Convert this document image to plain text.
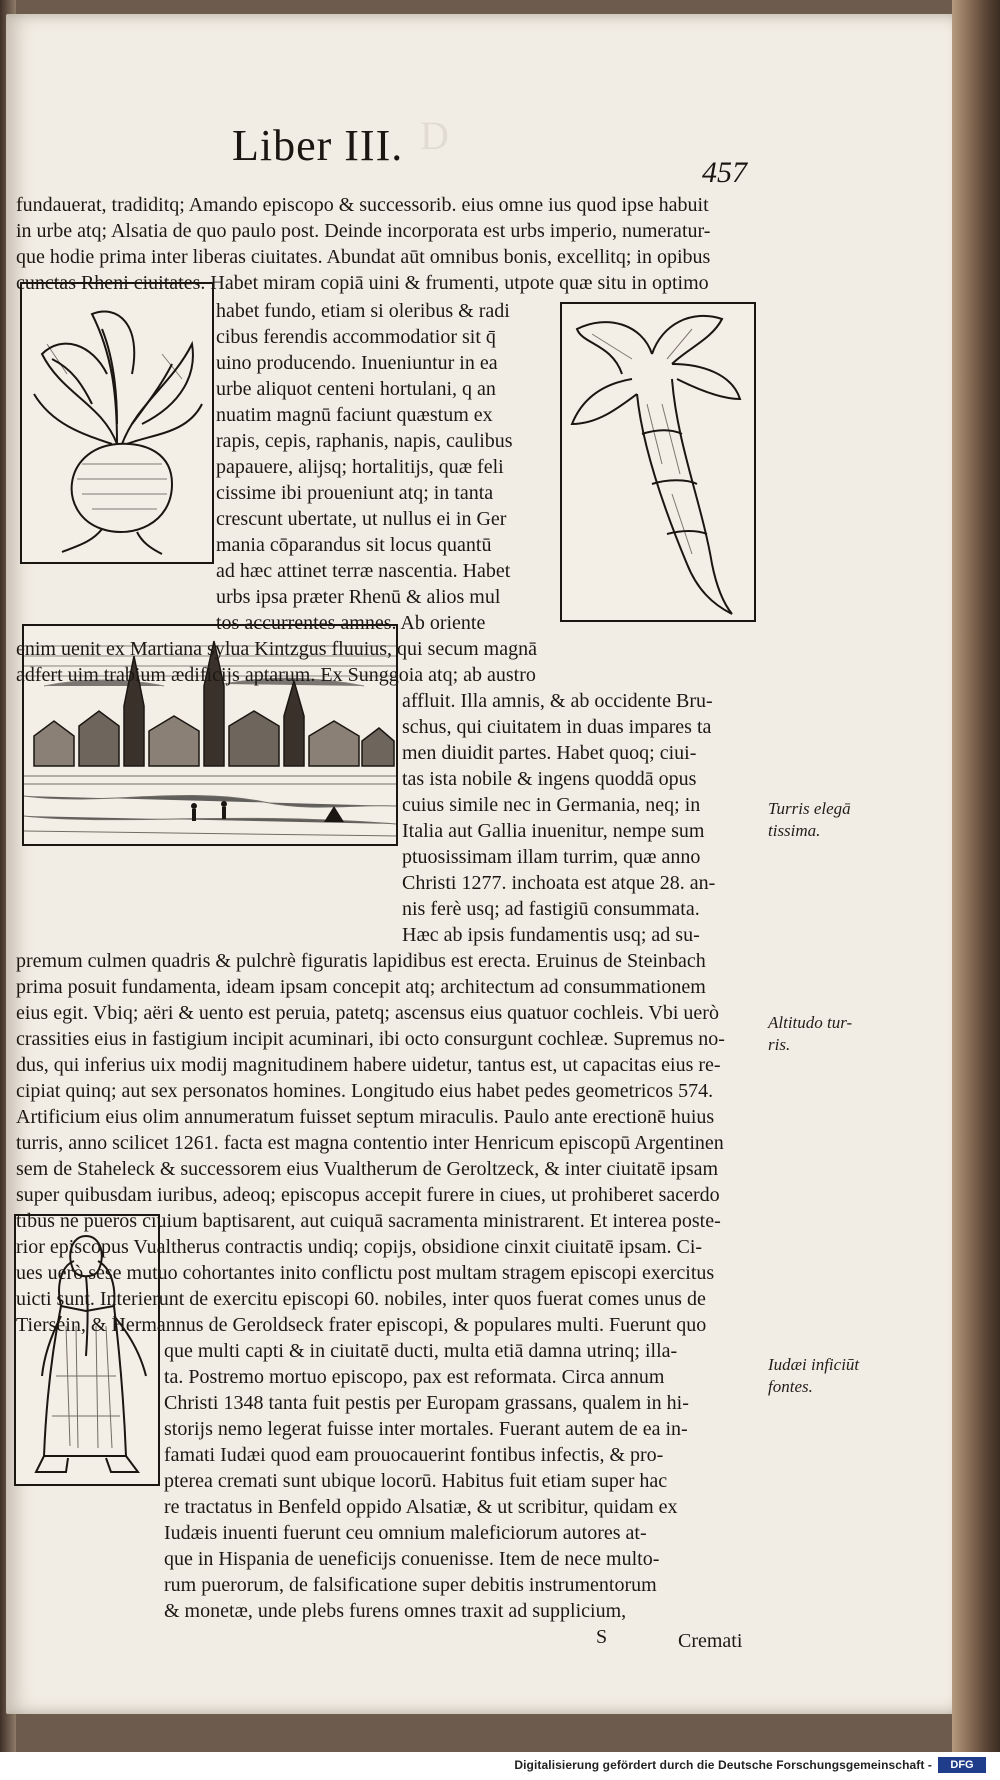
D
Liber III.
457
fundauerat, tradiditq; Amando episcopo & successorib. eius omne ius quod ipse habuit
in urbe atq; Alsatia de quo paulo post. Deinde incorporata est urbs imperio, numeratur-
que hodie prima inter liberas ciuitates. Abundat aūt omnibus bonis, excellitq; in opibus
cunctas Rheni ciuitates. Habet miram copiā uini & frumenti, utpote quæ situ in optimo
habet fundo, etiam si oleribus & radi
cibus ferendis accommodatior sit q̄
uino producendo. Inueniuntur in ea
urbe aliquot centeni hortulani, q an
nuatim magnū faciunt quæstum ex
rapis, cepis, raphanis, napis, caulibus
papauere, alijsq; hortalitijs, quæ feli
cissime ibi proueniunt atq; in tanta
crescunt ubertate, ut nullus ei in Ger
mania cōparandus sit locus quantū
ad hæc attinet terræ nascentia. Habet
urbs ipsa præter Rhenū & alios mul
tos accurrentes amnes. Ab oriente
enim uenit ex Martiana sylua Kintzgus fluuius, qui secum magnā
adfert uim trabium ædificijs aptarum. Ex Sunggoia atq; ab austro
affluit. Illa amnis, & ab occidente Bru-
schus, qui ciuitatem in duas impares ta
men diuidit partes. Habet quoq; ciui-
tas ista nobile & ingens quoddā opus
cuius simile nec in Germania, neq; in
Italia aut Gallia inuenitur, nempe sum
ptuosissimam illam turrim, quæ anno
Christi 1277. inchoata est atque 28. an-
nis ferè usq; ad fastigiū consummata.
Hæc ab ipsis fundamentis usq; ad su-
premum culmen quadris & pulchrè figuratis lapidibus est erecta. Eruinus de Steinbach
prima posuit fundamenta, ideam ipsam concepit atq; architectum ad consummationem
eius egit. Vbiq; aëri & uento est peruia, patetq; ascensus eius quatuor cochleis. Vbi uerò
crassities eius in fastigium incipit acuminari, ibi octo consurgunt cochleæ. Supremus no-
dus, qui inferius uix modij magnitudinem habere uidetur, tantus est, ut capacitas eius re-
cipiat quinq; aut sex personatos homines. Longitudo eius habet pedes geometricos 574.
Artificium eius olim annumeratum fuisset septum miraculis. Paulo ante erectionē huius
turris, anno scilicet 1261. facta est magna contentio inter Henricum episcopū Argentinen
sem de Staheleck & successorem eius Vualtherum de Geroltzeck, & inter ciuitatē ipsam
super quibusdam iuribus, adeoq; episcopus accepit furere in ciues, ut prohiberet sacerdo
tibus ne pueros ciuium baptisarent, aut cuiquā sacramenta ministrarent. Et interea poste-
rior episcopus Vualtherus contractis undiq; copijs, obsidione cinxit ciuitatē ipsam. Ci-
ues uerò sese mutuo cohortantes inito conflictu post multam stragem episcopi exercitus
uicti sunt. Interierunt de exercitu episcopi 60. nobiles, inter quos fuerat comes unus de
Tiersein, & Hermannus de Geroldseck frater episcopi, & populares multi. Fuerunt quo
que multi capti & in ciuitatē ducti, multa etiā damna utrinq; illa-
ta. Postremo mortuo episcopo, pax est reformata. Circa annum
Christi 1348 tanta fuit pestis per Europam grassans, qualem in hi-
storijs nemo legerat fuisse inter mortales. Fuerant autem de ea in-
famati Iudæi quod eam prouocauerint fontibus infectis, & pro-
pterea cremati sunt ubique locorū. Habitus fuit etiam super hac
re tractatus in Benfeld oppido Alsatiæ, & ut scribitur, quidam ex
Iudæis inuenti fuerunt ceu omnium maleficiorum autores at-
que in Hispania de ueneficijs conuenisse. Item de nece multo-
rum puerorum, de falsificatione super debitis instrumentorum
& monetæ, unde plebs furens omnes traxit ad supplicium,
S	Cremati
Turris elegā
tissima.
Altitudo tur-
ris.
Iudæi inficiūt
fontes.
Digitalisierung gefördert durch die Deutsche Forschungsgemeinschaft -	DFG
